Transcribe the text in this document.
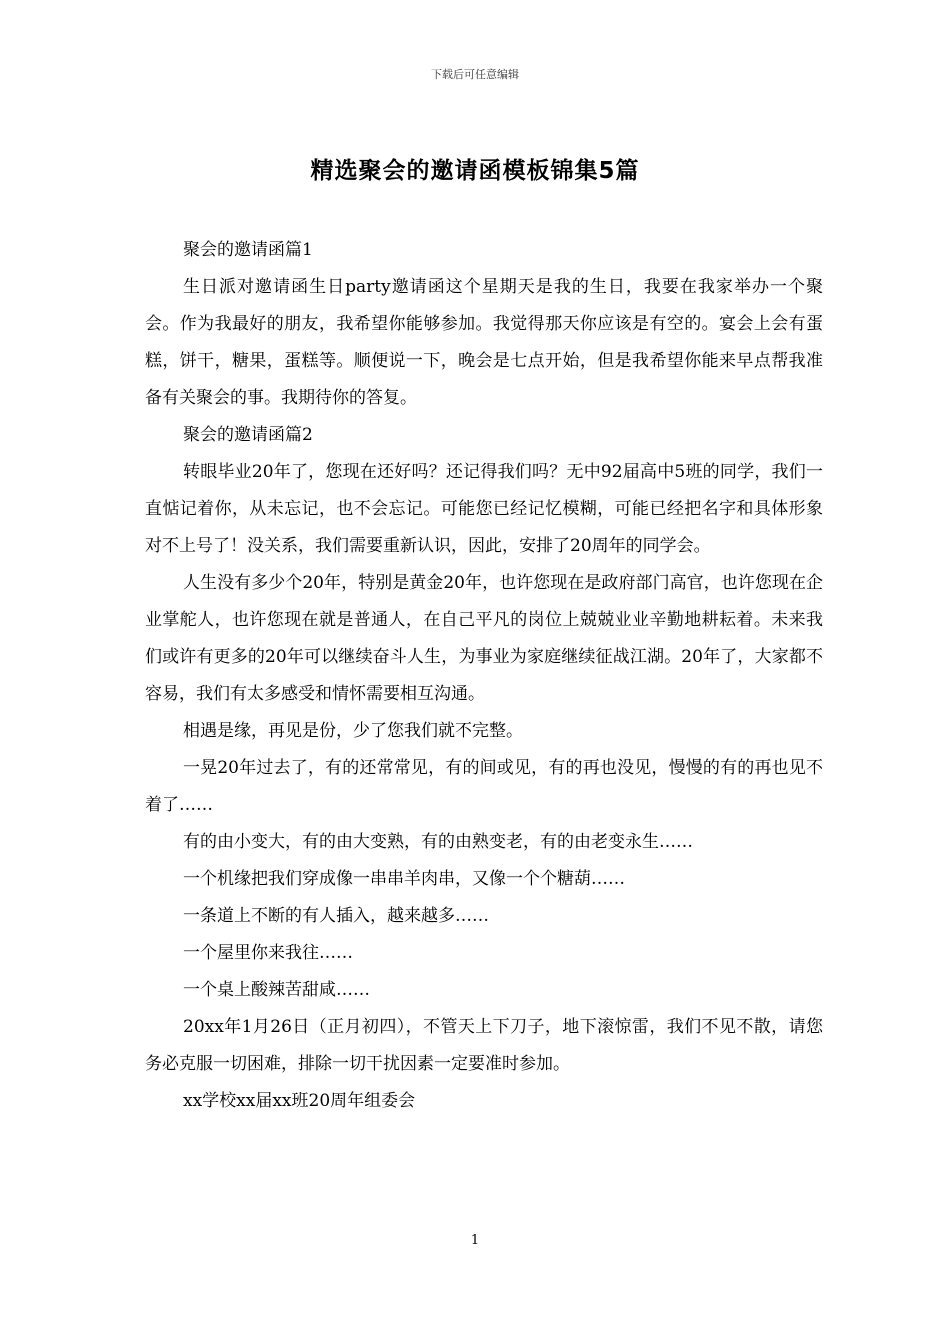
下载后可任意编辑
精选聚会的邀请函模板锦集5篇

聚会的邀请函篇1

生日派对邀请函生日party邀请函这个星期天是我的生日，我要在我家举办一个聚会。作为我最好的朋友，我希望你能够参加。我觉得那天你应该是有空的。宴会上会有蛋糕，饼干，糖果，蛋糕等。顺便说一下，晚会是七点开始，但是我希望你能来早点帮我准备有关聚会的事。我期待你的答复。

聚会的邀请函篇2

转眼毕业20年了，您现在还好吗？还记得我们吗？无中92届高中5班的同学，我们一直惦记着你，从未忘记，也不会忘记。可能您已经记忆模糊，可能已经把名字和具体形象对不上号了！没关系，我们需要重新认识，因此，安排了20周年的同学会。

人生没有多少个20年，特别是黄金20年，也许您现在是政府部门高官，也许您现在企业掌舵人，也许您现在就是普通人，在自己平凡的岗位上兢兢业业辛勤地耕耘着。未来我们或许有更多的20年可以继续奋斗人生，为事业为家庭继续征战江湖。20年了，大家都不容易，我们有太多感受和情怀需要相互沟通。

相遇是缘，再见是份，少了您我们就不完整。

一晃20年过去了，有的还常常见，有的间或见，有的再也没见，慢慢的有的再也见不着了……

有的由小变大，有的由大变熟，有的由熟变老，有的由老变永生……

一个机缘把我们穿成像一串串羊肉串，又像一个个糖葫……

一条道上不断的有人插入，越来越多……

一个屋里你来我往……

一个桌上酸辣苦甜咸……

20xx年1月26日（正月初四），不管天上下刀子，地下滚惊雷，我们不见不散，请您务必克服一切困难，排除一切干扰因素一定要准时参加。

xx学校xx届xx班20周年组委会

1
